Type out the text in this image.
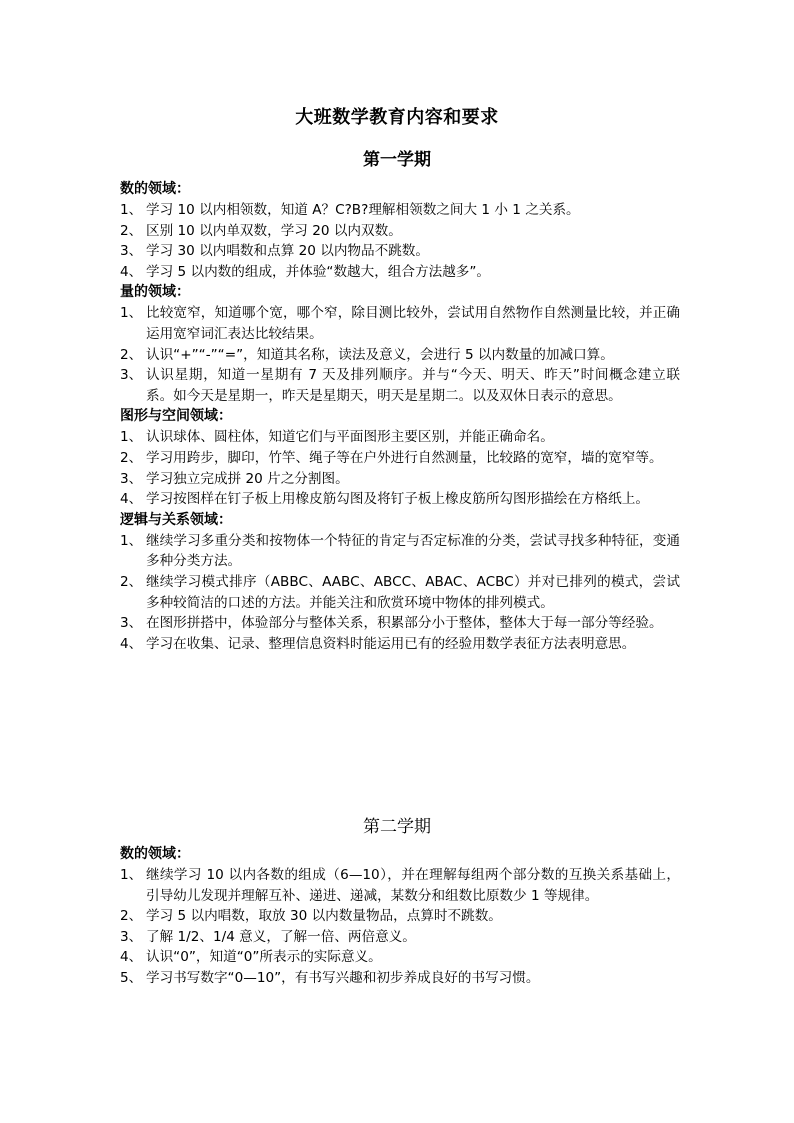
大班数学教育内容和要求
第一学期
数的领域：
1、 学习 10 以内相领数，知道 A？C?B?理解相领数之间大 1 小 1 之关系。
2、 区别 10 以内单双数，学习 20 以内双数。
3、 学习 30 以内唱数和点算 20 以内物品不跳数。
4、 学习 5 以内数的组成，并体验“数越大，组合方法越多”。
量的领域：
1、 比较宽窄，知道哪个宽，哪个窄，除目测比较外，尝试用自然物作自然测量比较，并正确运用宽窄词汇表达比较结果。
2、 认识“+”“-”“=”，知道其名称，读法及意义，会进行 5 以内数量的加减口算。
3、 认识星期，知道一星期有 7 天及排列顺序。并与“今天、明天、昨天”时间概念建立联系。如今天是星期一，昨天是星期天，明天是星期二。以及双休日表示的意思。
图形与空间领域：
1、 认识球体、圆柱体，知道它们与平面图形主要区别，并能正确命名。
2、 学习用跨步，脚印，竹竿、绳子等在户外进行自然测量，比较路的宽窄，墙的宽窄等。
3、 学习独立完成拼 20 片之分割图。
4、 学习按图样在钉子板上用橡皮筋勾图及将钉子板上橡皮筋所勾图形描绘在方格纸上。
逻辑与关系领域：
1、 继续学习多重分类和按物体一个特征的肯定与否定标准的分类，尝试寻找多种特征，变通多种分类方法。
2、 继续学习模式排序（ABBC、AABC、ABCC、ABAC、ACBC）并对已排列的模式，尝试多种较简洁的口述的方法。并能关注和欣赏环境中物体的排列模式。
3、 在图形拼搭中，体验部分与整体关系，积累部分小于整体，整体大于每一部分等经验。
4、 学习在收集、记录、整理信息资料时能运用已有的经验用数学表征方法表明意思。
第二学期
数的领域：
1、 继续学习 10 以内各数的组成（6—10），并在理解每组两个部分数的互换关系基础上，引导幼儿发现并理解互补、递进、递减，某数分和组数比原数少 1 等规律。
2、 学习 5 以内唱数，取放 30 以内数量物品，点算时不跳数。
3、 了解 1/2、1/4 意义，了解一倍、两倍意义。
4、 认识“0”，知道“0”所表示的实际意义。
5、 学习书写数字“0—10”，有书写兴趣和初步养成良好的书写习惯。
